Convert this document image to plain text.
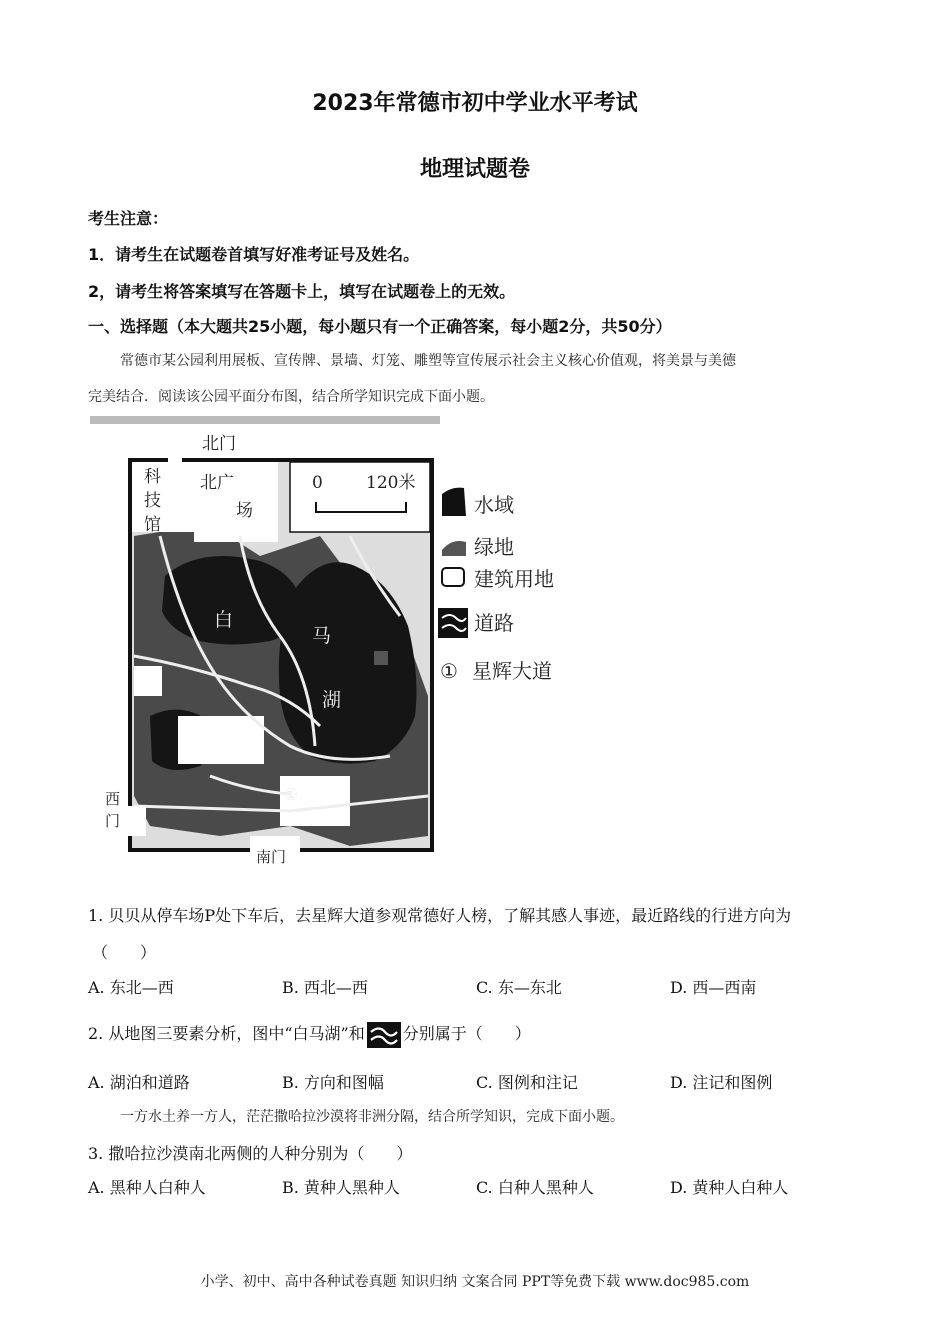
2023年常德市初中学业水平考试
地理试题卷
考生注意：
1．请考生在试题卷首填写好准考证号及姓名。
2，请考生将答案填写在答题卡上，填写在试题卷上的无效。
一、选择题（本大题共25小题，每小题只有一个正确答案，每小题2分，共50分）
常德市某公园利用展板、宣传牌、景墙、灯笼、雕塑等宣传展示社会主义核心价值观，将美景与美德
完美结合．阅读该公园平面分布图，结合所学知识完成下面小题。
北门
北广
场
科
技
馆
0	120米
西
门
南门
白
马
湖
①
水域
绿地
建筑用地
道路
① 星辉大道
1. 贝贝从停车场P处下车后，去星辉大道参观常德好人榜，了解其感人事迹，最近路线的行进方向为
（　　）
A. 东北—西	B. 西北—西	C. 东—东北	D. 西—西南
2. 从地图三要素分析，图中“白马湖”和 分别属于（　　）
A. 湖泊和道路	B. 方向和图幅	C. 图例和注记	D. 注记和图例
一方水土养一方人，茫茫撒哈拉沙漠将非洲分隔，结合所学知识，完成下面小题。
3. 撒哈拉沙漠南北两侧的人种分别为（　　）
A. 黑种人白种人	B. 黄种人黑种人	C. 白种人黑种人	D. 黄种人白种人
小学、初中、高中各种试卷真题 知识归纳 文案合同 PPT等免费下载 www.doc985.com
